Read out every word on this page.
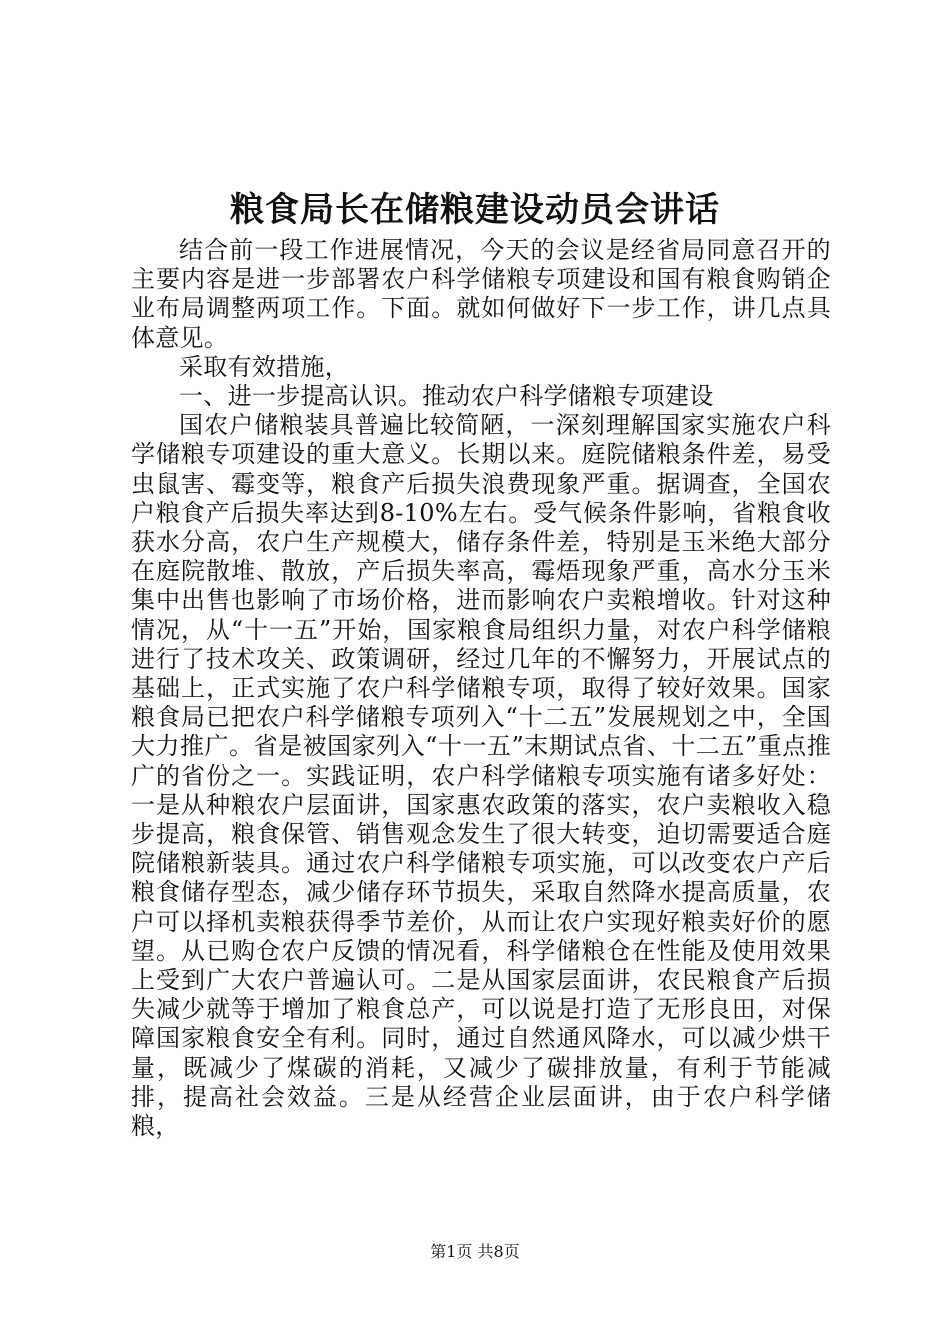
粮食局长在储粮建设动员会讲话

结合前一段工作进展情况，今天的会议是经省局同意召开的主要内容是进一步部署农户科学储粮专项建设和国有粮食购销企业布局调整两项工作。下面。就如何做好下一步工作，讲几点具体意见。

采取有效措施，

一、进一步提高认识。推动农户科学储粮专项建设

国农户储粮装具普遍比较简陋，一深刻理解国家实施农户科学储粮专项建设的重大意义。长期以来。庭院储粮条件差，易受虫鼠害、霉变等，粮食产后损失浪费现象严重。据调查，全国农户粮食产后损失率达到8-10%左右。受气候条件影响，省粮食收获水分高，农户生产规模大，储存条件差，特别是玉米绝大部分在庭院散堆、散放，产后损失率高，霉焐现象严重，高水分玉米集中出售也影响了市场价格，进而影响农户卖粮增收。针对这种情况，从“十一五”开始，国家粮食局组织力量，对农户科学储粮进行了技术攻关、政策调研，经过几年的不懈努力，开展试点的基础上，正式实施了农户科学储粮专项，取得了较好效果。国家粮食局已把农户科学储粮专项列入“十二五”发展规划之中，全国大力推广。省是被国家列入“十一五”末期试点省、十二五”重点推广的省份之一。实践证明，农户科学储粮专项实施有诸多好处：一是从种粮农户层面讲，国家惠农政策的落实，农户卖粮收入稳步提高，粮食保管、销售观念发生了很大转变，迫切需要适合庭院储粮新装具。通过农户科学储粮专项实施，可以改变农户产后粮食储存型态，减少储存环节损失，采取自然降水提高质量，农户可以择机卖粮获得季节差价，从而让农户实现好粮卖好价的愿望。从已购仓农户反馈的情况看，科学储粮仓在性能及使用效果上受到广大农户普遍认可。二是从国家层面讲，农民粮食产后损失减少就等于增加了粮食总产，可以说是打造了无形良田，对保障国家粮食安全有利。同时，通过自然通风降水，可以减少烘干量，既减少了煤碳的消耗，又减少了碳排放量，有利于节能减排，提高社会效益。三是从经营企业层面讲，由于农户科学储粮，

第1页 共8页
